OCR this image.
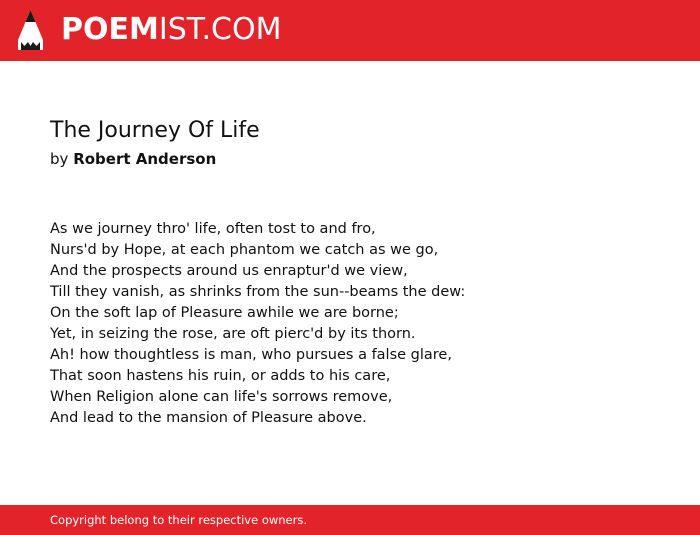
POEMIST.COM
The Journey Of Life
by Robert Anderson
As we journey thro' life, often tost to and fro,
Nurs'd by Hope, at each phantom we catch as we go,
And the prospects around us enraptur'd we view,
Till they vanish, as shrinks from the sun--beams the dew:
On the soft lap of Pleasure awhile we are borne;
Yet, in seizing the rose, are oft pierc'd by its thorn.
Ah! how thoughtless is man, who pursues a false glare,
That soon hastens his ruin, or adds to his care,
When Religion alone can life's sorrows remove,
And lead to the mansion of Pleasure above.
Copyright belong to their respective owners.
